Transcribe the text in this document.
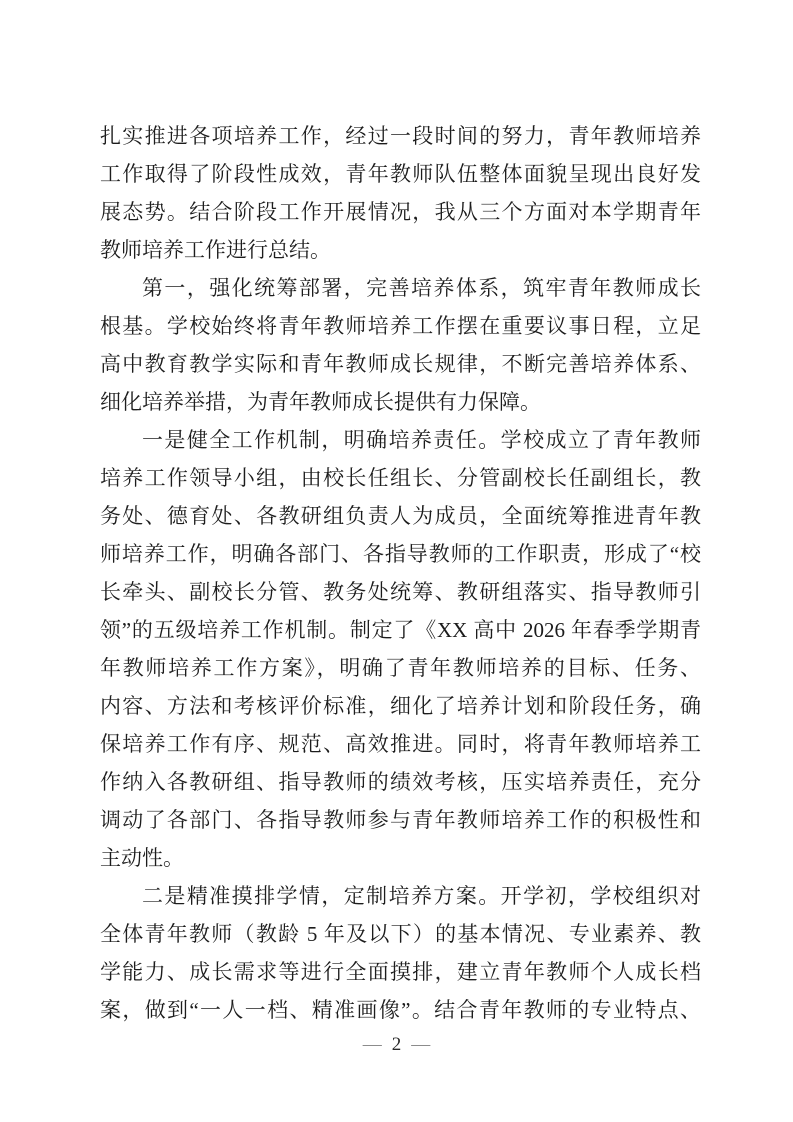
扎实推进各项培养工作，经过一段时间的努力，青年教师培养
工作取得了阶段性成效，青年教师队伍整体面貌呈现出良好发
展态势。结合阶段工作开展情况，我从三个方面对本学期青年
教师培养工作进行总结。
第一，强化统筹部署，完善培养体系，筑牢青年教师成长
根基。学校始终将青年教师培养工作摆在重要议事日程，立足
高中教育教学实际和青年教师成长规律，不断完善培养体系、
细化培养举措，为青年教师成长提供有力保障。
一是健全工作机制，明确培养责任。学校成立了青年教师
培养工作领导小组，由校长任组长、分管副校长任副组长，教
务处、德育处、各教研组负责人为成员，全面统筹推进青年教
师培养工作，明确各部门、各指导教师的工作职责，形成了“校
长牵头、副校长分管、教务处统筹、教研组落实、指导教师引
领”的五级培养工作机制。制定了《XX 高中 2026 年春季学期青
年教师培养工作方案》，明确了青年教师培养的目标、任务、
内容、方法和考核评价标准，细化了培养计划和阶段任务，确
保培养工作有序、规范、高效推进。同时，将青年教师培养工
作纳入各教研组、指导教师的绩效考核，压实培养责任，充分
调动了各部门、各指导教师参与青年教师培养工作的积极性和
主动性。
二是精准摸排学情，定制培养方案。开学初，学校组织对
全体青年教师（教龄 5 年及以下）的基本情况、专业素养、教
学能力、成长需求等进行全面摸排，建立青年教师个人成长档
案，做到“一人一档、精准画像”。结合青年教师的专业特点、
— 2 —
